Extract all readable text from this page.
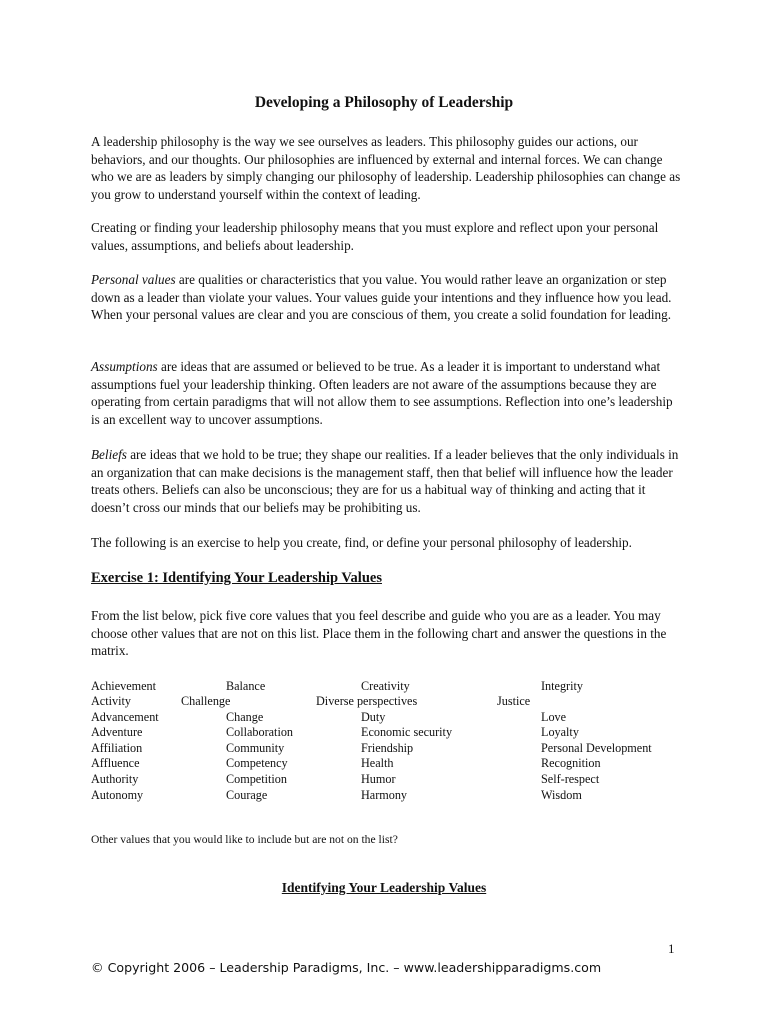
Developing a Philosophy of Leadership

A leadership philosophy is the way we see ourselves as leaders. This philosophy guides our actions, our behaviors, and our thoughts. Our philosophies are influenced by external and internal forces. We can change who we are as leaders by simply changing our philosophy of leadership. Leadership philosophies can change as you grow to understand yourself within the context of leading.

Creating or finding your leadership philosophy means that you must explore and reflect upon your personal values, assumptions, and beliefs about leadership.

Personal values are qualities or characteristics that you value. You would rather leave an organization or step down as a leader than violate your values. Your values guide your intentions and they influence how you lead. When your personal values are clear and you are conscious of them, you create a solid foundation for leading.

Assumptions are ideas that are assumed or believed to be true. As a leader it is important to understand what assumptions fuel your leadership thinking. Often leaders are not aware of the assumptions because they are operating from certain paradigms that will not allow them to see assumptions. Reflection into one’s leadership is an excellent way to uncover assumptions.

Beliefs are ideas that we hold to be true; they shape our realities. If a leader believes that the only individuals in an organization that can make decisions is the management staff, then that belief will influence how the leader treats others. Beliefs can also be unconscious; they are for us a habitual way of thinking and acting that it doesn’t cross our minds that our beliefs may be prohibiting us.

The following is an exercise to help you create, find, or define your personal philosophy of leadership.

Exercise 1: Identifying Your Leadership Values

From the list below, pick five core values that you feel describe and guide who you are as a leader. You may choose other values that are not on this list. Place them in the following chart and answer the questions in the matrix.

Achievement	Balance	Creativity	Integrity
Activity	Challenge	Diverse perspectives	Justice
Advancement	Change	Duty	Love
Adventure	Collaboration	Economic security	Loyalty
Affiliation	Community	Friendship	Personal Development
Affluence	Competency	Health	Recognition
Authority	Competition	Humor	Self-respect
Autonomy	Courage	Harmony	Wisdom
Other values that you would like to include but are not on the list?
Identifying Your Leadership Values
1
© Copyright 2006 – Leadership Paradigms, Inc. – www.leadershipparadigms.com
